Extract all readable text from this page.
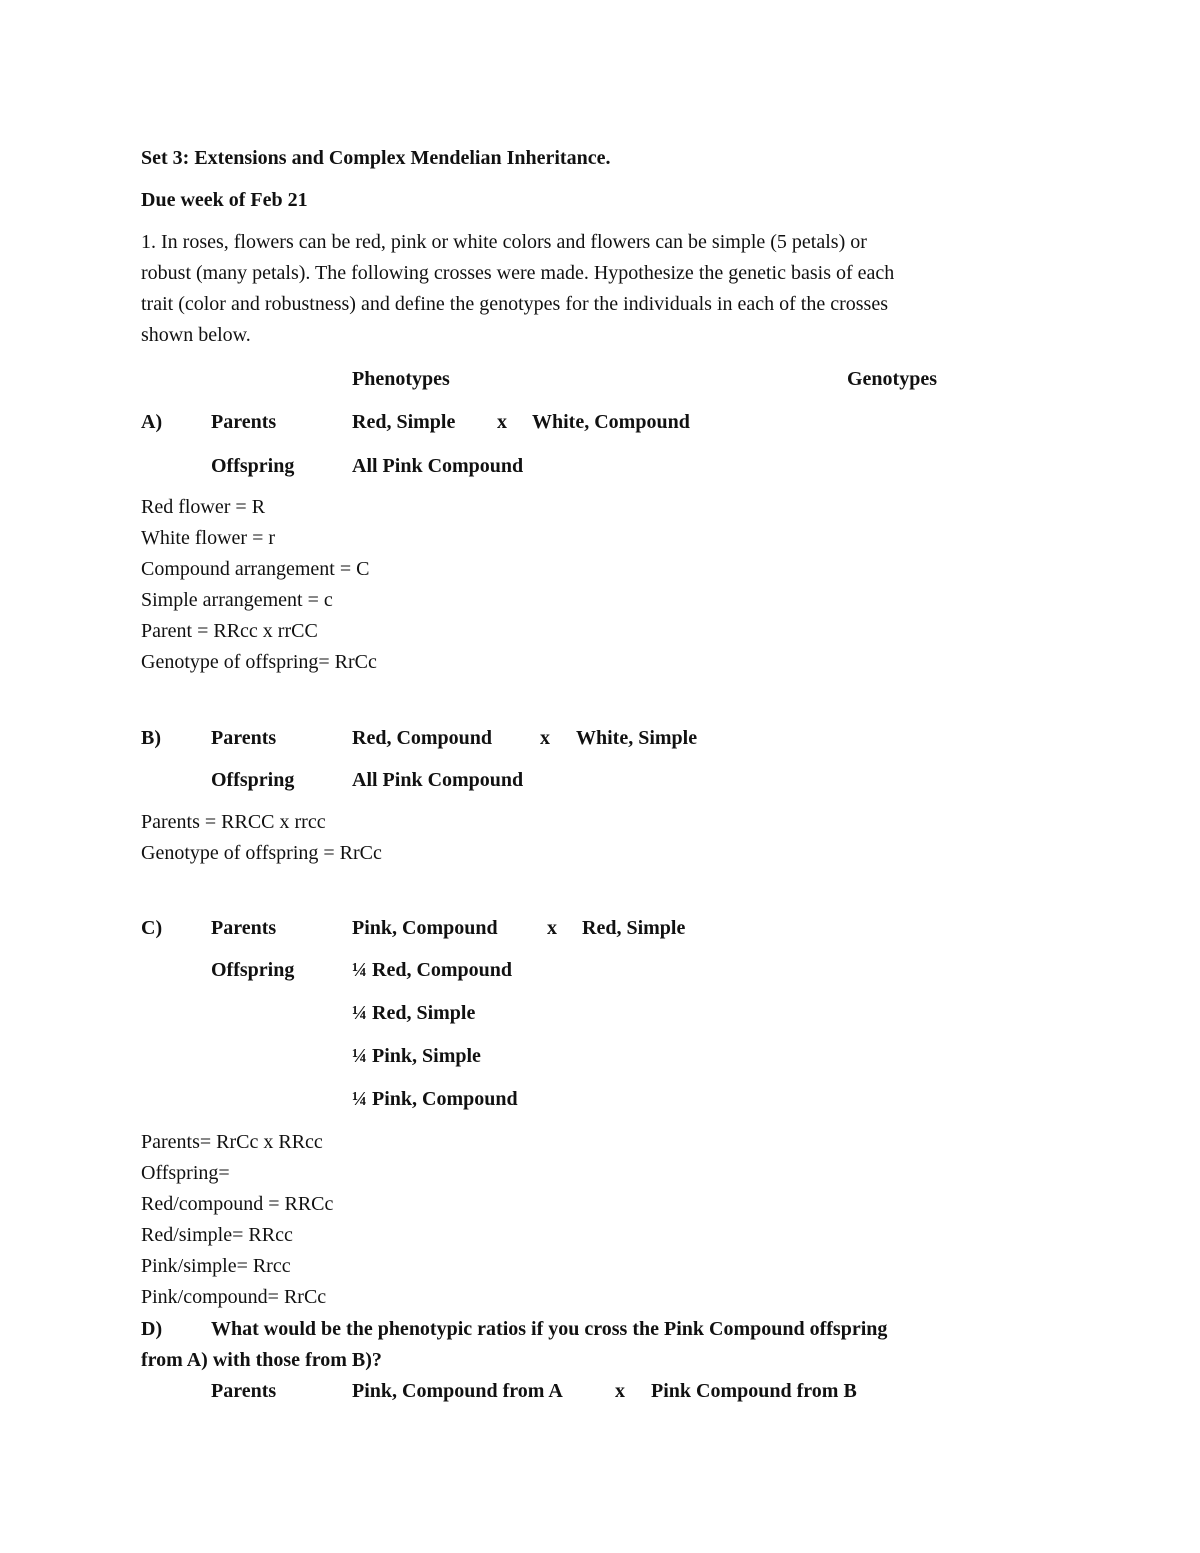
Set 3: Extensions and Complex Mendelian Inheritance.
Due week of Feb 21
1. In roses, flowers can be red, pink or white colors and flowers can be simple (5 petals) or
robust (many petals). The following crosses were made. Hypothesize the genetic basis of each
trait (color and robustness) and define the genotypes for the individuals in each of the crosses
shown below.
Phenotypes	Genotypes
A) Parents	Red, Simple x White, Compound
Offspring	All Pink Compound
Red flower = R
White flower = r
Compound arrangement = C
Simple arrangement = c
Parent = RRcc x rrCC
Genotype of offspring= RrCc
B)	Parents	Red, Compound x White, Simple
Offspring	All Pink Compound
Parents = RRCC x rrcc
Genotype of offspring = RrCc
C) Parents	Pink, Compound x Red, Simple
Offspring	¼ Red, Compound
¼ Red, Simple
¼ Pink, Simple
¼ Pink, Compound
Parents= RrCc x RRcc
Offspring=
Red/compound = RRCc
Red/simple= RRcc
Pink/simple= Rrcc
Pink/compound= RrCc
D) What would be the phenotypic ratios if you cross the Pink Compound offspring
from A) with those from B)?
Parents	Pink, Compound from A	x Pink Compound from B
